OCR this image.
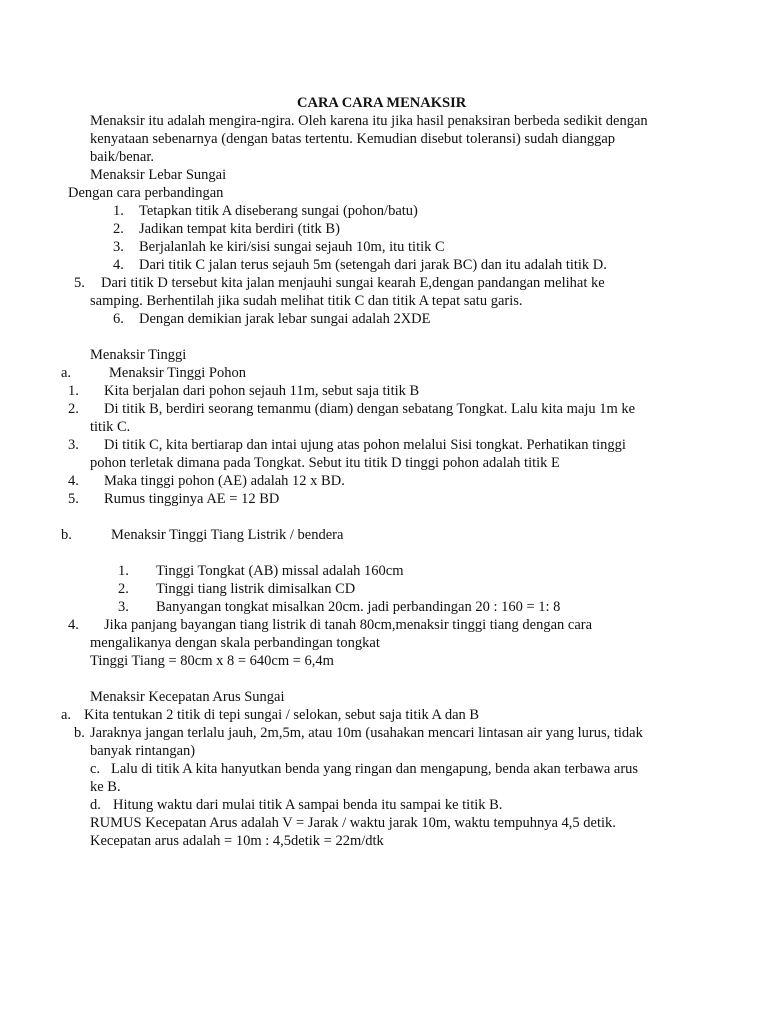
CARA CARA MENAKSIR
Menaksir itu adalah mengira-ngira. Oleh karena itu jika hasil penaksiran berbeda sedikit dengan
kenyataan sebenarnya (dengan batas tertentu. Kemudian disebut toleransi) sudah dianggap
baik/benar.
Menaksir Lebar Sungai
Dengan cara perbandingan
1. Tetapkan titik A diseberang sungai (pohon/batu)
2. Jadikan tempat kita berdiri (titk B)
3. Berjalanlah ke kiri/sisi sungai sejauh 10m, itu titik C
4. Dari titik C jalan terus sejauh 5m (setengah dari jarak BC) dan itu adalah titik D.
5. Dari titik D tersebut kita jalan menjauhi sungai kearah E,dengan pandangan melihat ke
samping. Berhentilah jika sudah melihat titik C dan titik A tepat satu garis.
6. Dengan demikian jarak lebar sungai adalah 2XDE
Menaksir Tinggi
a.	Menaksir Tinggi Pohon
1. Kita berjalan dari pohon sejauh 11m, sebut saja titik B
2. Di titik B, berdiri seorang temanmu (diam) dengan sebatang Tongkat. Lalu kita maju 1m ke
titik C.
3. Di titik C, kita bertiarap dan intai ujung atas pohon melalui Sisi tongkat. Perhatikan tinggi
pohon terletak dimana pada Tongkat. Sebut itu titik D tinggi pohon adalah titik E
4. Maka tinggi pohon (AE) adalah 12 x BD.
5. Rumus tingginya AE = 12 BD
b.	Menaksir Tinggi Tiang Listrik / bendera
1. Tinggi Tongkat (AB) missal adalah 160cm
2. Tinggi tiang listrik dimisalkan CD
3. Banyangan tongkat misalkan 20cm. jadi perbandingan 20 : 160 = 1: 8
4. Jika panjang bayangan tiang listrik di tanah 80cm,menaksir tinggi tiang dengan cara
mengalikanya dengan skala perbandingan tongkat
Tinggi Tiang = 80cm x 8 = 640cm = 6,4m
Menaksir Kecepatan Arus Sungai
a. Kita tentukan 2 titik di tepi sungai / selokan, sebut saja titik A dan B
b. Jaraknya jangan terlalu jauh, 2m,5m, atau 10m (usahakan mencari lintasan air yang lurus, tidak
banyak rintangan)
c. Lalu di titik A kita hanyutkan benda yang ringan dan mengapung, benda akan terbawa arus
ke B.
d. Hitung waktu dari mulai titik A sampai benda itu sampai ke titik B.
RUMUS Kecepatan Arus adalah V = Jarak / waktu jarak 10m, waktu tempuhnya 4,5 detik.
Kecepatan arus adalah = 10m : 4,5detik = 22m/dtk
